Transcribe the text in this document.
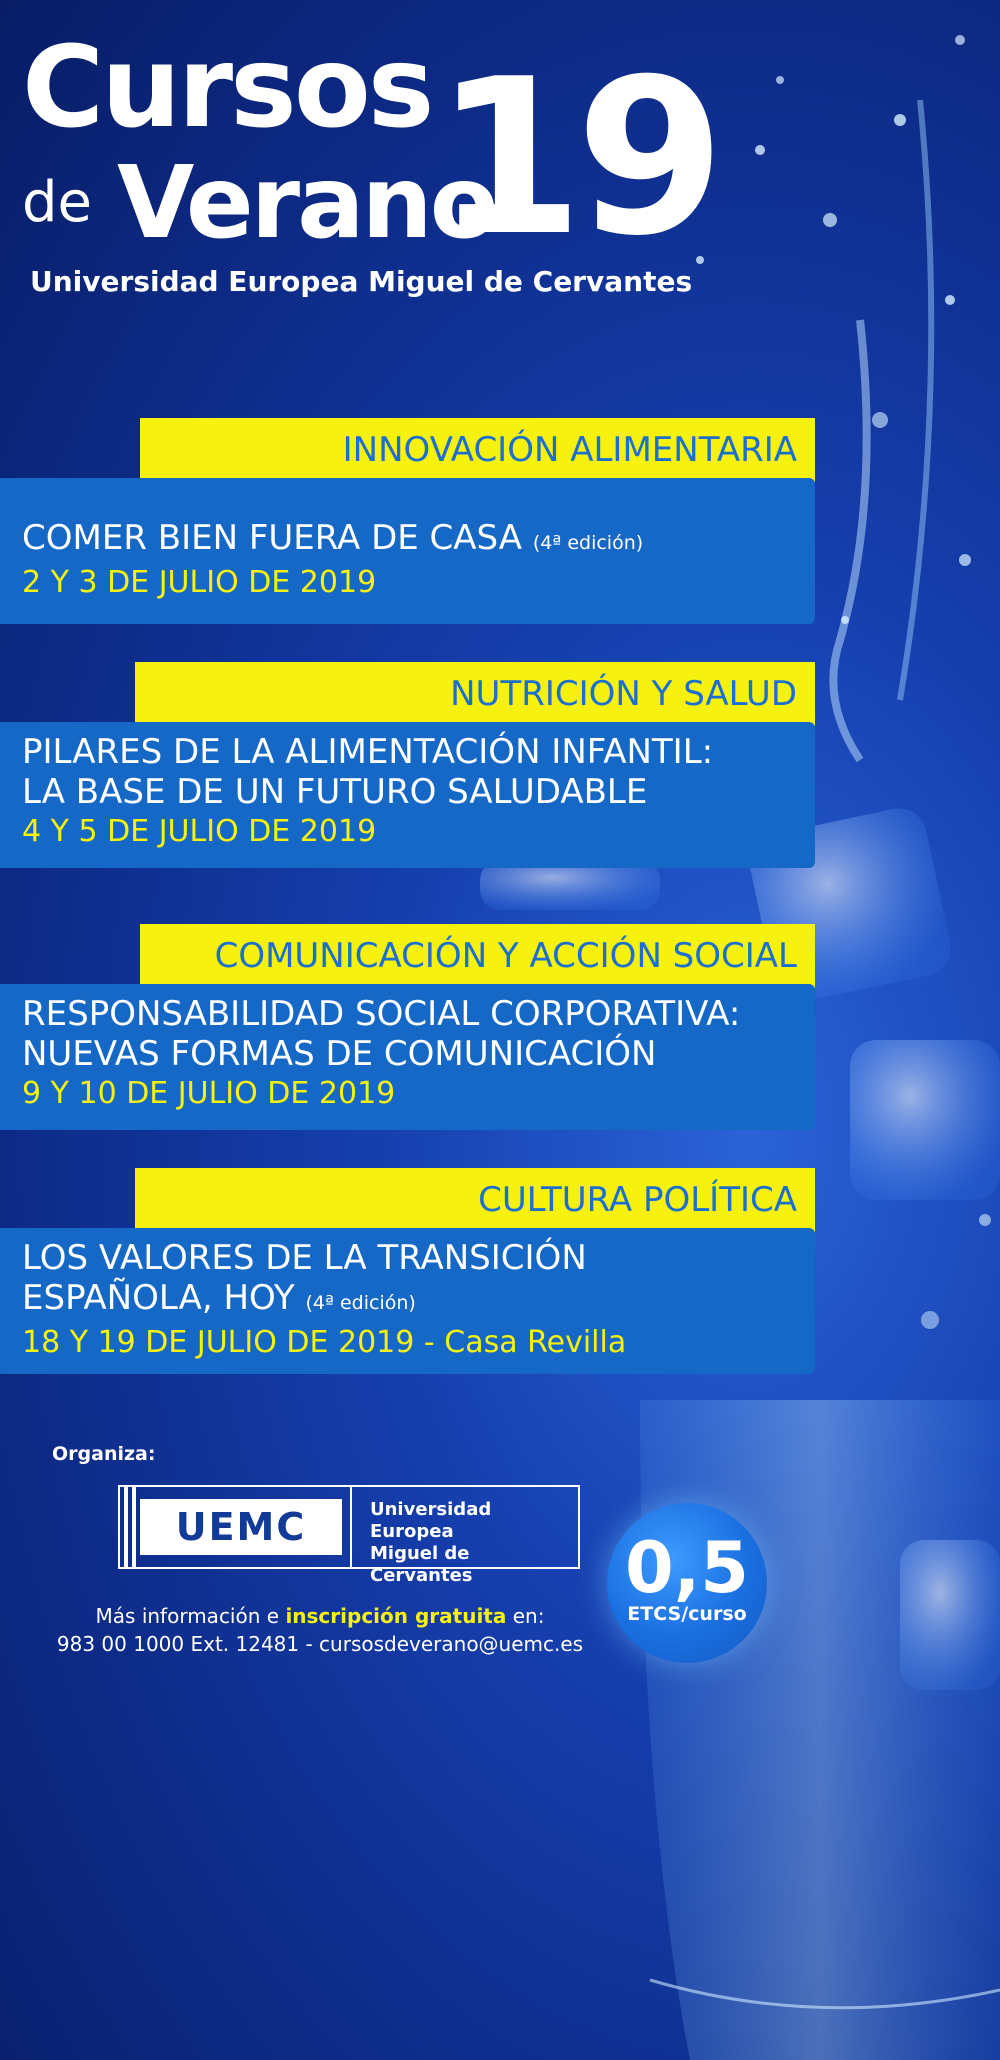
Cursos
de Verano
19
Universidad Europea Miguel de Cervantes
INNOVACIÓN ALIMENTARIA
COMER BIEN FUERA DE CASA (4ª edición)
2 Y 3 DE JULIO DE 2019
NUTRICIÓN Y SALUD
PILARES DE LA ALIMENTACIÓN INFANTIL:
LA BASE DE UN FUTURO SALUDABLE
4 Y 5 DE JULIO DE 2019
COMUNICACIÓN Y ACCIÓN SOCIAL
RESPONSABILIDAD SOCIAL CORPORATIVA:
NUEVAS FORMAS DE COMUNICACIÓN
9 Y 10 DE JULIO DE 2019
CULTURA POLÍTICA
LOS VALORES DE LA TRANSICIÓN
ESPAÑOLA, HOY (4ª edición)
18 Y 19 DE JULIO DE 2019 - Casa Revilla
Organiza:
UEMC	Universidad Europea
Miguel de Cervantes
Más información e inscripción gratuita en:
983 00 1000 Ext. 12481 - cursosdeverano@uemc.es
0,5
ETCS/curso
